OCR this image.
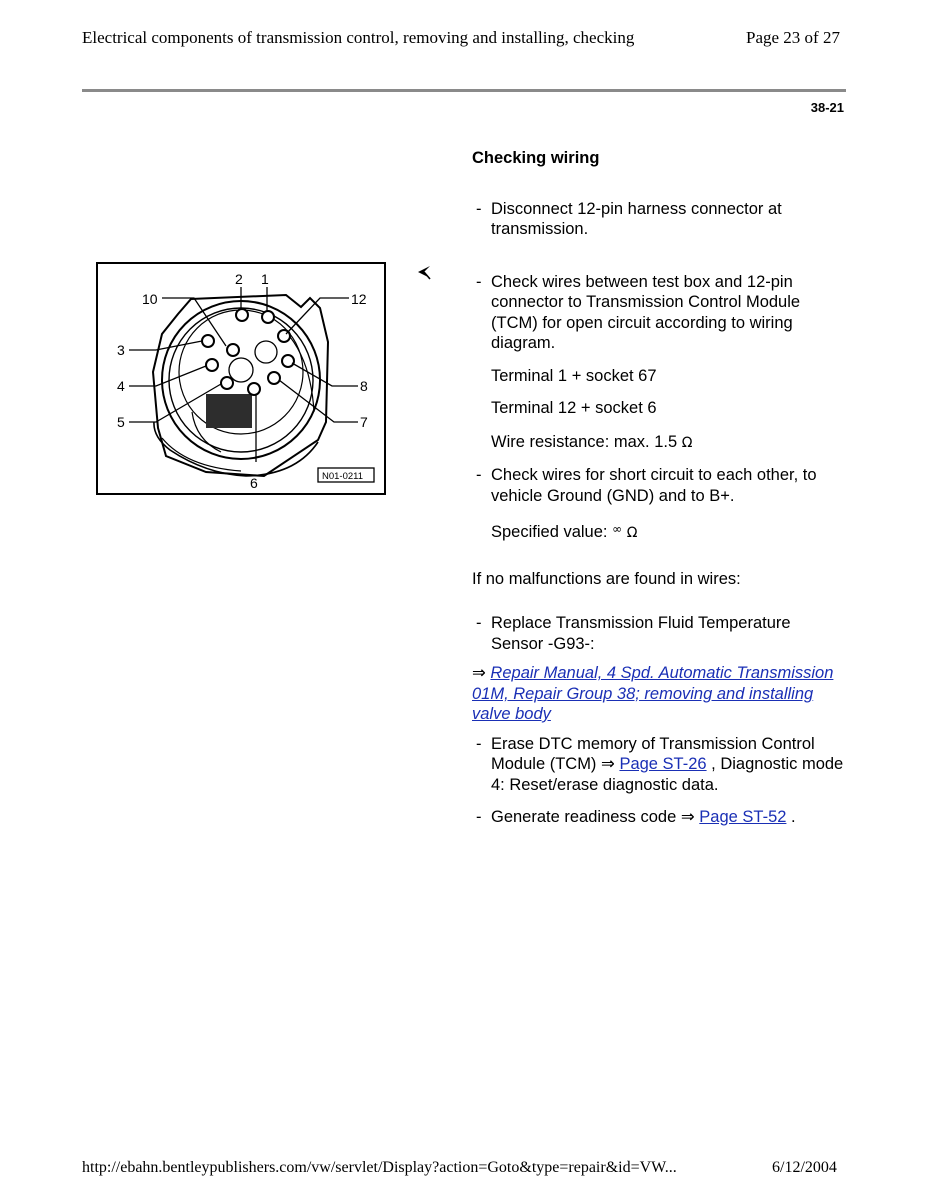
Electrical components of transmission control, removing and installing, checking	Page 23 of 27
38-21
2 1
10	12
3
4
5
6
8
7
N01-0211

Checking wiring

- Disconnect 12-pin harness connector at
transmission.
- Check wires between test box and 12-pin
connector to Transmission Control Module
(TCM) for open circuit according to wiring
diagram.

Terminal 1 + socket 67

Terminal 12 + socket 6

Wire resistance: max. 1.5 Ω

- Check wires for short circuit to each other, to
vehicle Ground (GND) and to B+.

Specified value: ∞ Ω

If no malfunctions are found in wires:

- Replace Transmission Fluid Temperature
Sensor -G93-:

⇒ Repair Manual, 4 Spd. Automatic Transmission
01M, Repair Group 38; removing and installing
valve body

- Erase DTC memory of Transmission Control
Module (TCM) ⇒ Page ST-26 , Diagnostic mode
4: Reset/erase diagnostic data.
- Generate readiness code ⇒ Page ST-52 .
http://ebahn.bentleypublishers.com/vw/servlet/Display?action=Goto&type=repair&id=VW...	6/12/2004
